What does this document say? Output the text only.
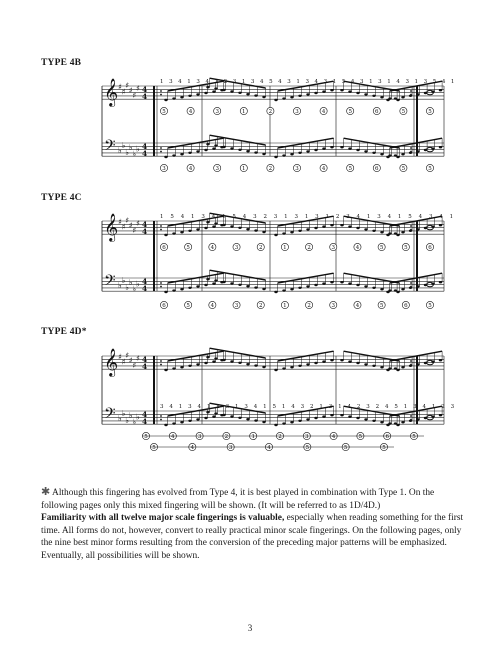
TYPE 4B
TYPE 4C
TYPE 4D*
𝄞 ♯
♯
♯
♯
♯
♯ 4
4
𝄢 ♭
♭
♭
♭
♭
♭ 4
4
1 3 4 1 3 4 1 2 3 1 3 4 5 4 3 1 3 4 3 1 5 4 3 1 3 1 4 3 1 3 5 4 1
5	4	3	1	2	3	4	5	6	5	5
3	4	3	1	2	3	4	5	6	5	5
𝄞 ♯
♯
♯
♯
♯
♯ 4
4
𝄢 ♭
♭
♭
♭
♭
♭ 4
4
1 5 4 1 3 4 1 5 4 3 2 3 1 3 1 3 1 2 3 4 1 3 4 1 5 4 3 4 1
6	5	4	3	2	1	2	3	4	5	5	6
6	5	4	3	2	1	2	3	4	5	6	5
𝄞 ♯
♯
♯
♯
♯
♯ 4
4
𝄢 ♭
♭
♭
♭
♭
♭ 4
4
3 4 1 3 4 1 2 3 1 3 4 1 5 1 4 3 2 1 3 1 4 2 3 2 4 5 1 3 4 1 2 3
5	4	3	2	1	2	3	4	5	6	5
5	4	3	4	5	5	5
✱ Although this fingering has evolved from Type 4, it is best played in combination with Type 1. On the following pages only this mixed fingering will be shown. (It will be referred to as 1D/4D.)
Familiarity with all twelve major scale fingerings is valuable, especially when reading something for the first time. All forms do not, however, convert to really practical minor scale fingerings. On the following pages, only the nine best minor forms resulting from the conversion of the preceding major patterns will be emphasized. Eventually, all possibilities will be shown.
3
